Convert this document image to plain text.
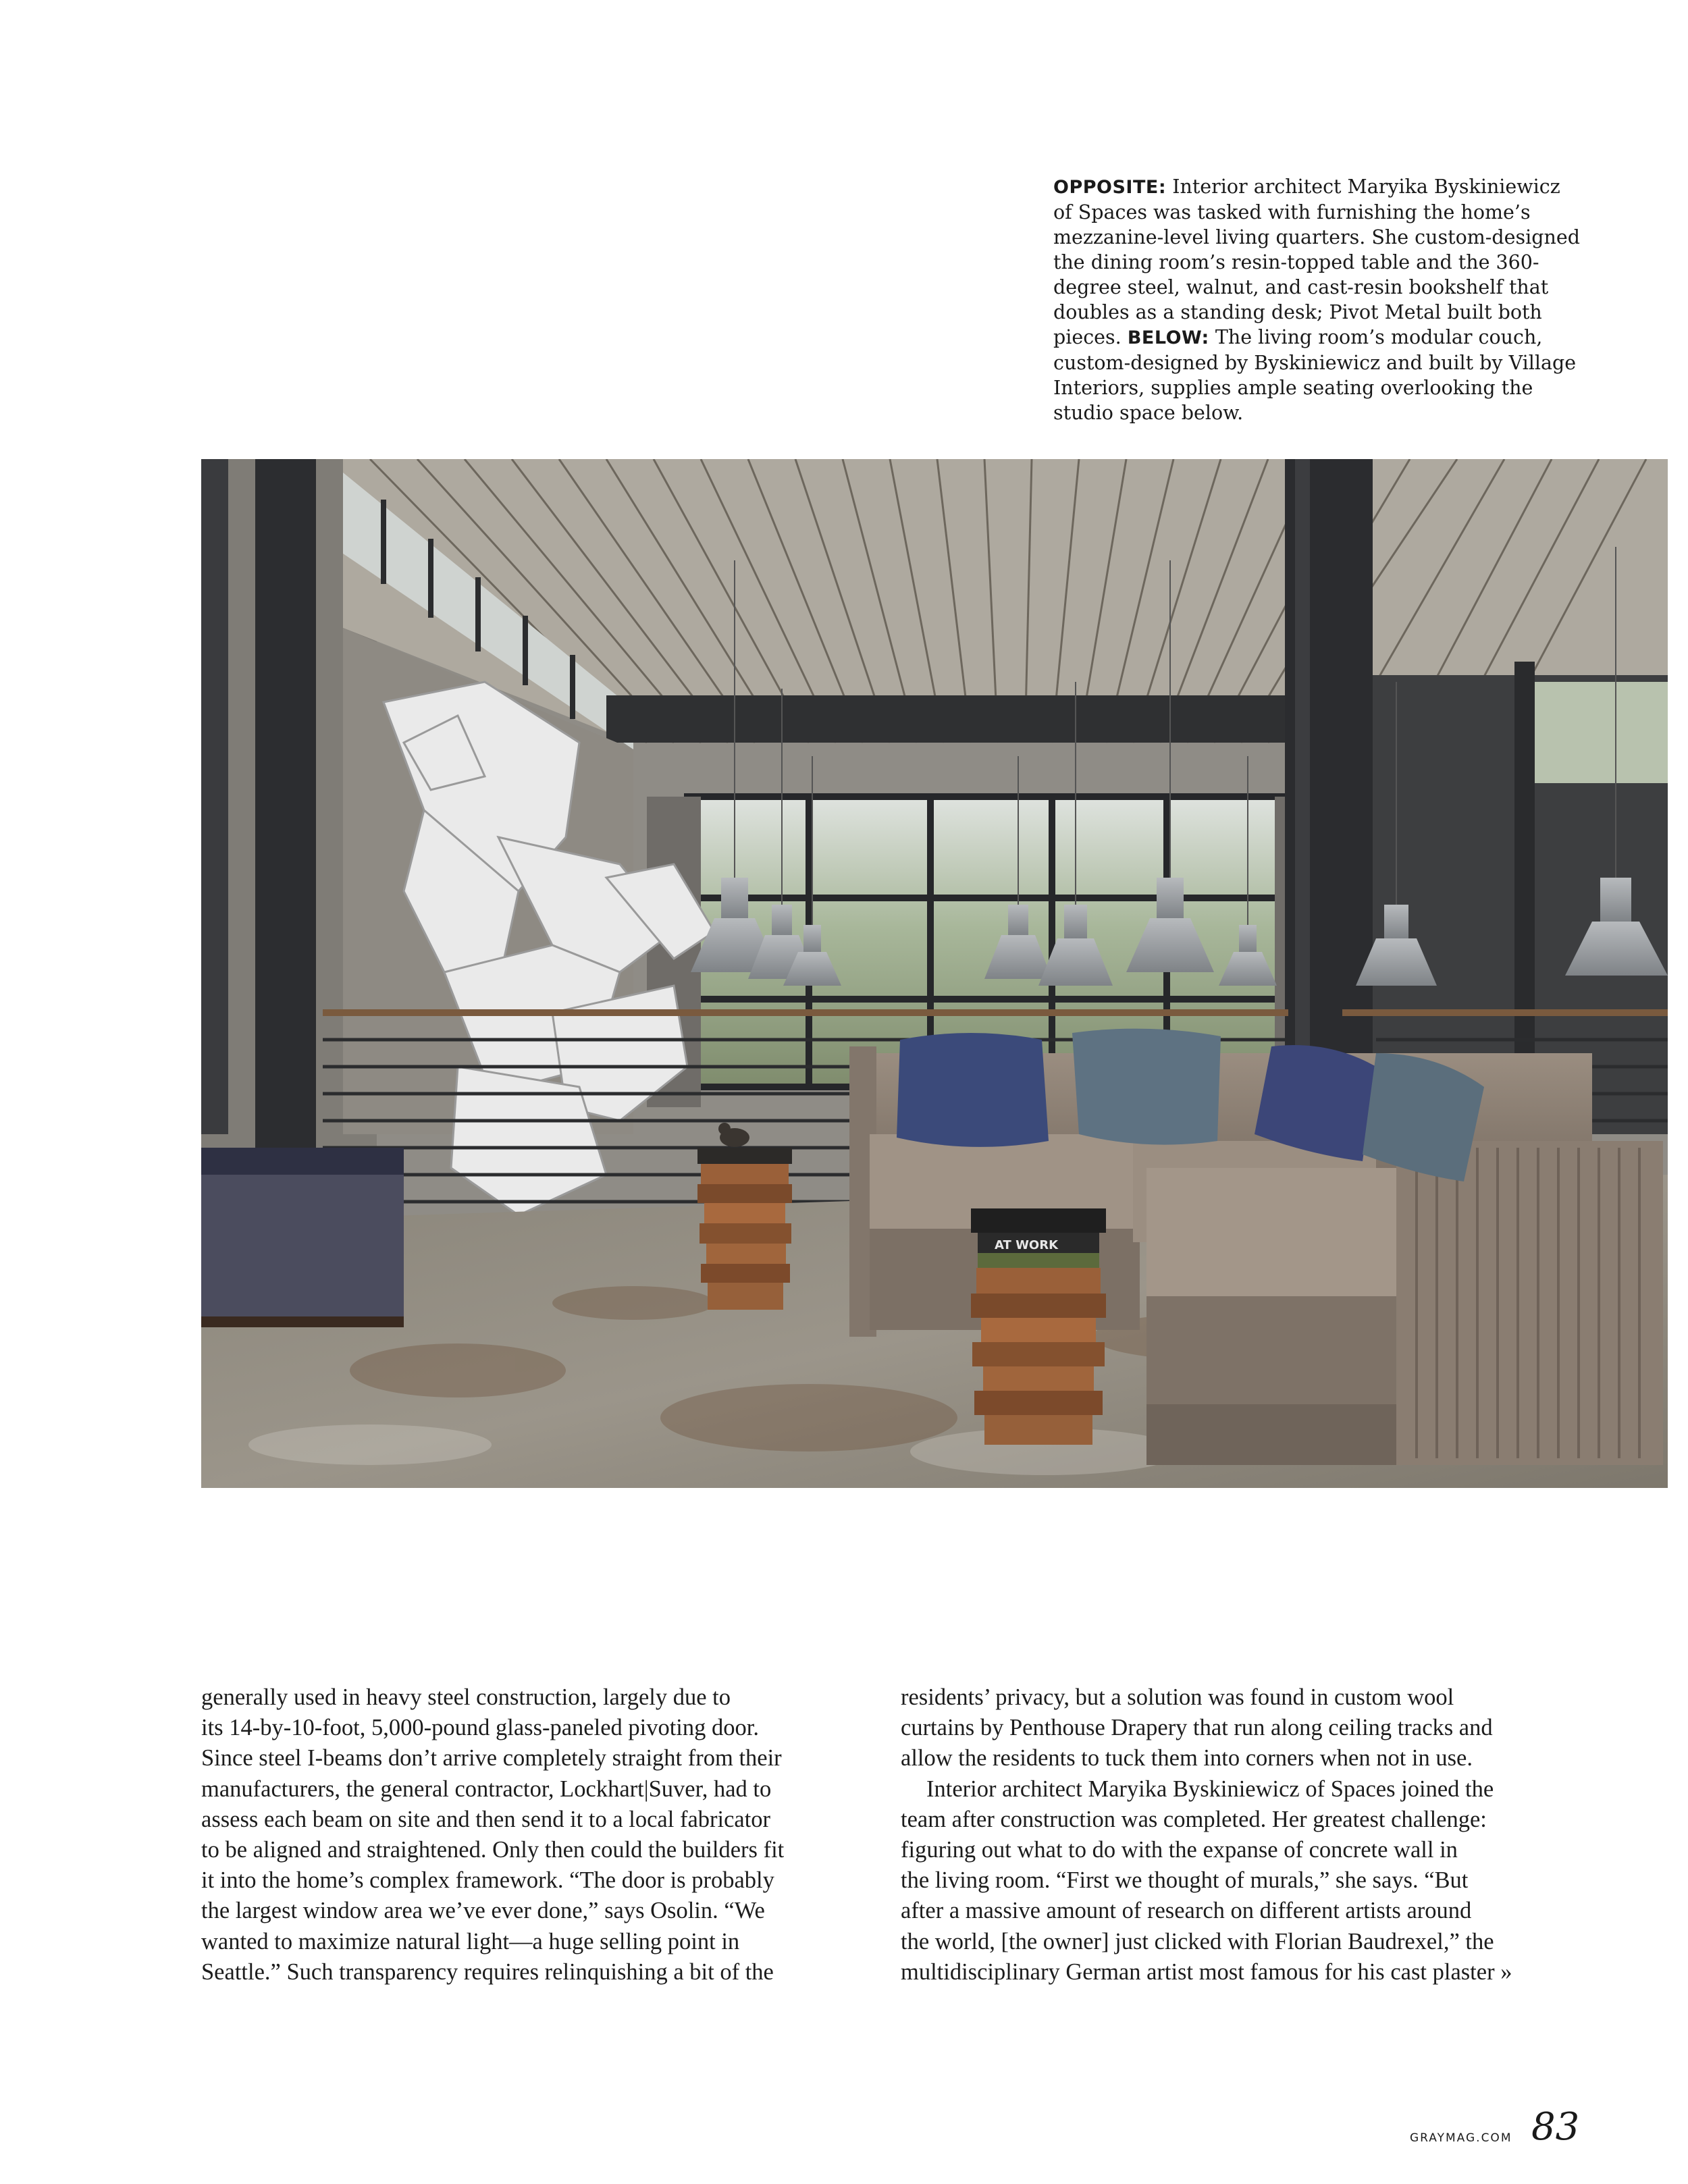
OPPOSITE: Interior architect Maryika Byskiniewicz of Spaces was tasked with furnishing the home’s mezzanine-level living quarters. She custom-designed the dining room’s resin-topped table and the 360-degree steel, walnut, and cast-resin bookshelf that doubles as a standing desk; Pivot Metal built both pieces. BELOW: The living room’s modular couch, custom-designed by Byskiniewicz and built by Village Interiors, supplies ample seating overlooking the studio space below.
AT WORK
generally used in heavy steel construction, largely due to
its 14-by-10-foot, 5,000-pound glass-paneled pivoting door.
Since steel I-beams don’t arrive completely straight from their
manufacturers, the general contractor, Lockhart|Suver, had to
assess each beam on site and then send it to a local fabricator
to be aligned and straightened. Only then could the builders fit
it into the home’s complex framework. “The door is probably
the largest window area we’ve ever done,” says Osolin. “We
wanted to maximize natural light—a huge selling point in
Seattle.” Such transparency requires relinquishing a bit of the
residents’ privacy, but a solution was found in custom wool
curtains by Penthouse Drapery that run along ceiling tracks and
allow the residents to tuck them into corners when not in use.
Interior architect Maryika Byskiniewicz of Spaces joined the
team after construction was completed. Her greatest challenge:
figuring out what to do with the expanse of concrete wall in
the living room. “First we thought of murals,” she says. “But
after a massive amount of research on different artists around
the world, [the owner] just clicked with Florian Baudrexel,” the
multidisciplinary German artist most famous for his cast plaster »
GRAYMAG.COM 83
